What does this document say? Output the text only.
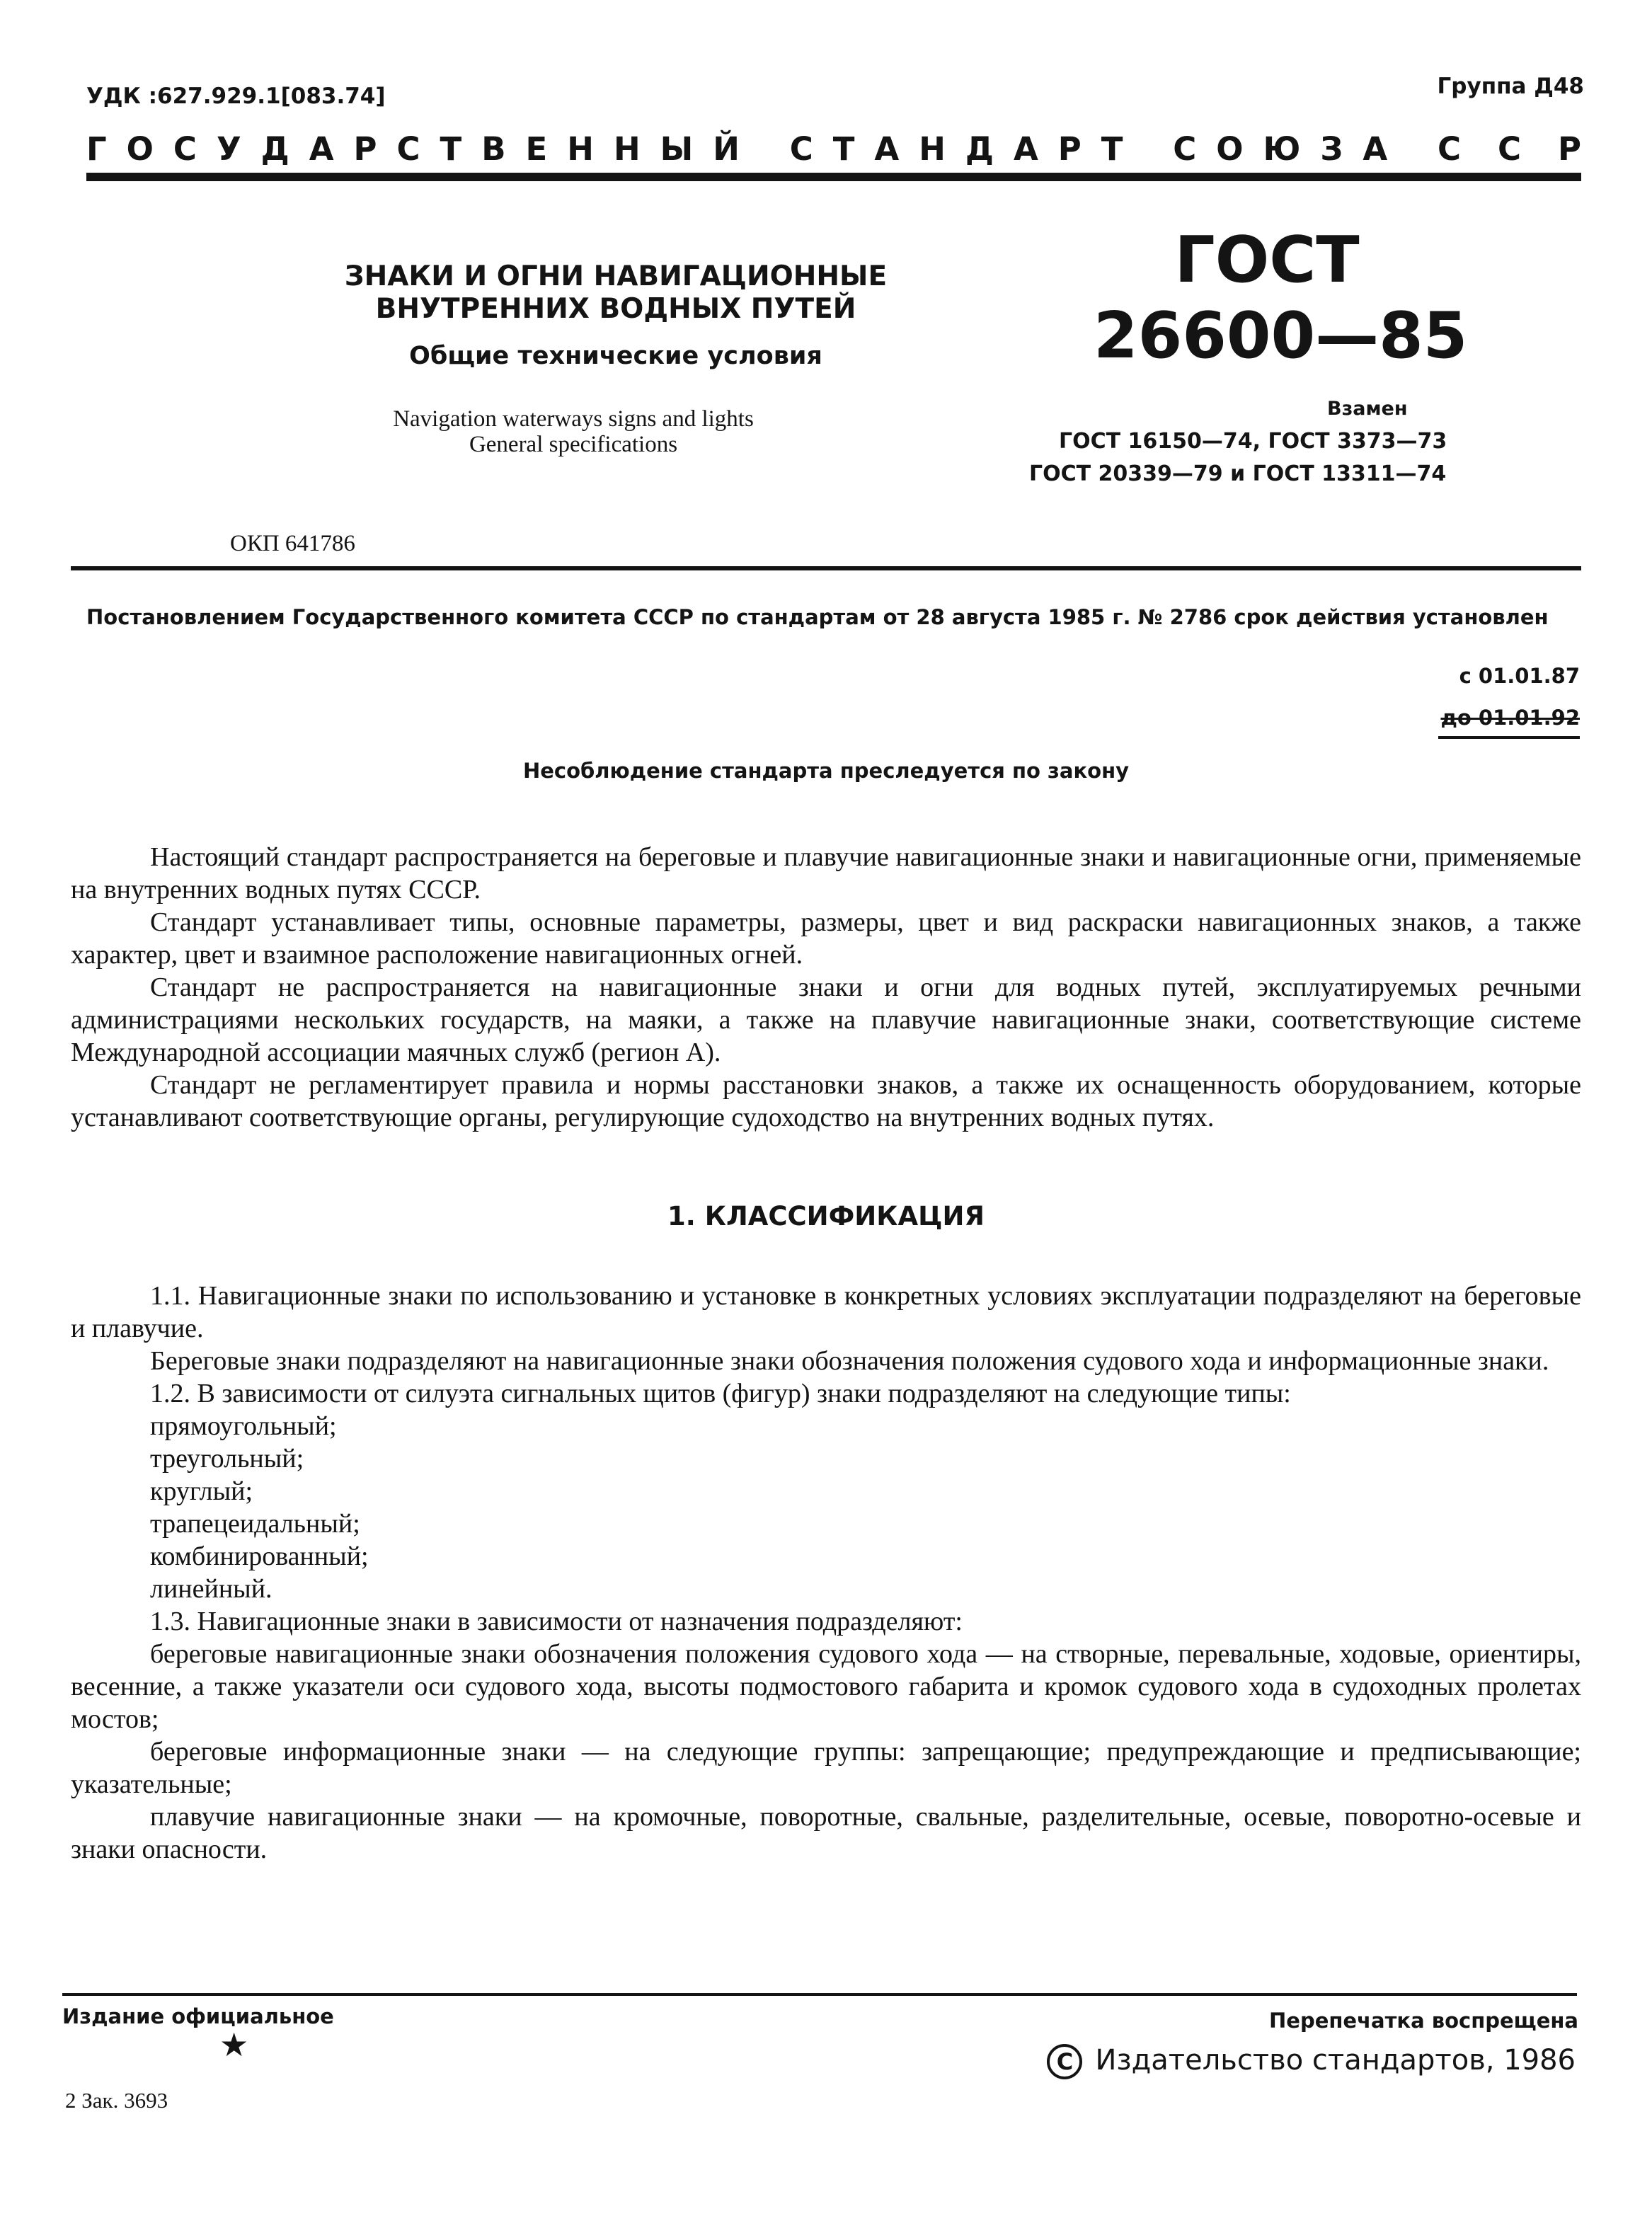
УДК :627.929.1[083.74]	Группа Д48
ГОСУДАРСТВЕННЫЙ СТАНДАРТ СОЮЗА ССР
ЗНАКИ И ОГНИ НАВИГАЦИОННЫЕ
ВНУТРЕННИХ ВОДНЫХ ПУТЕЙ
Общие технические условия
Navigation waterways signs and lights
General specifications
ГОСТ
26600—85
Взамен
ГОСТ 16150—74, ГОСТ 3373—73
ГОСТ 20339—79 и ГОСТ 13311—74
ОКП 641786
Постановлением Государственного комитета СССР по стандартам от 28 августа 1985 г. № 2786 срок действия установлен
с 01.01.87
до 01.01.92
Несоблюдение стандарта преследуется по закону

Настоящий стандарт распространяется на береговые и плавучие навигационные знаки и навигационные огни, применяемые на внутренних водных путях СССР.

Стандарт устанавливает типы, основные параметры, размеры, цвет и вид раскраски навигационных знаков, а также характер, цвет и взаимное расположение навигационных огней.

Стандарт не распространяется на навигационные знаки и огни для водных путей, эксплуатируемых речными администрациями нескольких государств, на маяки, а также на плавучие навигационные знаки, соответствующие системе Международной ассоциации маячных служб (регион А).

Стандарт не регламентирует правила и нормы расстановки знаков, а также их оснащенность оборудованием, которые устанавливают соответствующие органы, регулирующие судоходство на внутренних водных путях.

1. КЛАССИФИКАЦИЯ

1.1. Навигационные знаки по использованию и установке в конкретных условиях эксплуатации подразделяют на береговые и плавучие.

Береговые знаки подразделяют на навигационные знаки обозначения положения судового хода и информационные знаки.

1.2. В зависимости от силуэта сигнальных щитов (фигур) знаки подразделяют на следующие типы:

прямоугольный;

треугольный;

круглый;

трапецеидальный;

комбинированный;

линейный.

1.3. Навигационные знаки в зависимости от назначения подразделяют:

береговые навигационные знаки обозначения положения судового хода — на створные, перевальные, ходовые, ориентиры, весенние, а также указатели оси судового хода, высоты подмостового габарита и кромок судового хода в судоходных пролетах мостов;

береговые информационные знаки — на следующие группы: запрещающие; предупреждающие и предписывающие; указательные;

плавучие навигационные знаки — на кромочные, поворотные, свальные, разделительные, осевые, поворотно-осевые и знаки опасности.

Издание официальное
★
Перепечатка воспрещена
C Издательство стандартов, 1986
2 Зак. 3693
